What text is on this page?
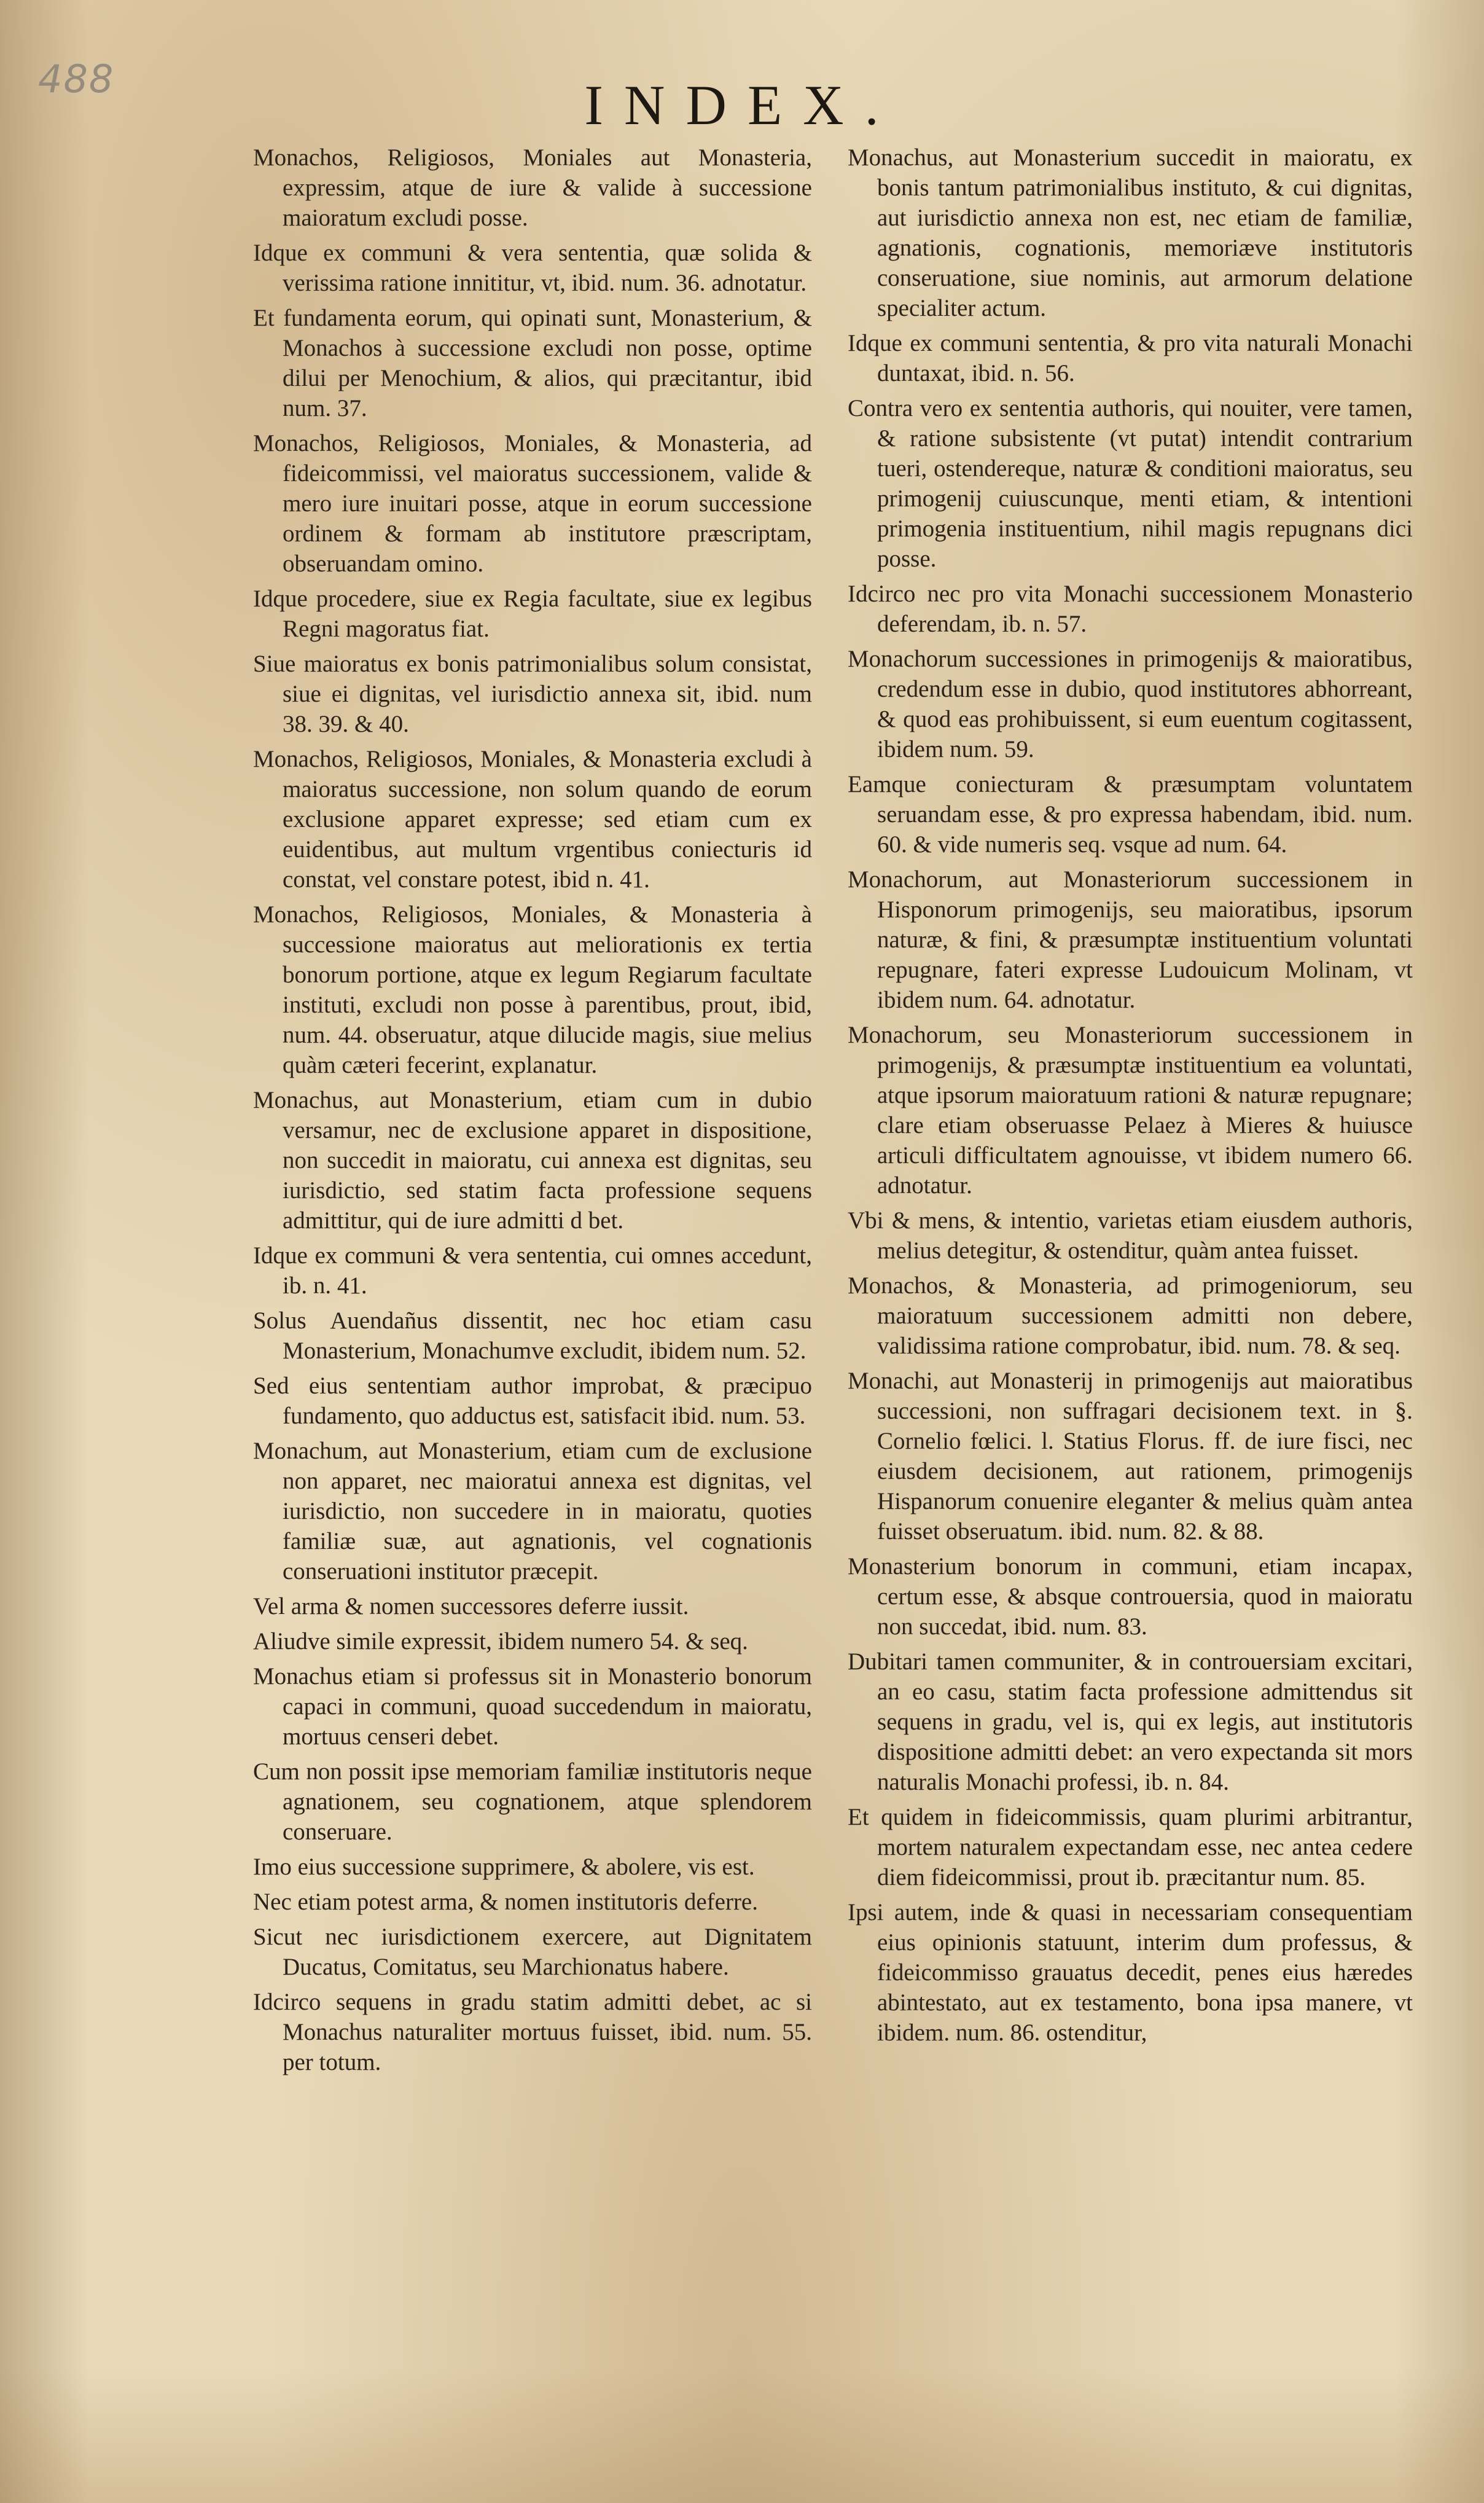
488	INDEX.

Monachos, Religiosos, Moniales aut Monasteria, expressim, atque de iure & valide à successione maioratum excludi posse.

Idque ex communi & vera sententia, quæ solida & verissima ratione innititur, vt, ibid. num. 36. adnotatur.

Et fundamenta eorum, qui opinati sunt, Monasterium, & Monachos à successione excludi non posse, optime dilui per Menochium, & alios, qui præcitantur, ibid num. 37.

Monachos, Religiosos, Moniales, & Monasteria, ad fideicommissi, vel maioratus successionem, valide & mero iure inuitari posse, atque in eorum successione ordinem & formam ab institutore præscriptam, obseruandam omino.

Idque procedere, siue ex Regia facultate, siue ex legibus Regni magoratus fiat.

Siue maioratus ex bonis patrimonialibus solum consistat, siue ei dignitas, vel iurisdictio annexa sit, ibid. num 38. 39. & 40.

Monachos, Religiosos, Moniales, & Monasteria excludi à maioratus successione, non solum quando de eorum exclusione apparet expresse; sed etiam cum ex euidentibus, aut multum vrgentibus coniecturis id constat, vel constare potest, ibid n. 41.

Monachos, Religiosos, Moniales, & Monasteria à successione maioratus aut meliorationis ex tertia bonorum portione, atque ex legum Regiarum facultate instituti, excludi non posse à parentibus, prout, ibid, num. 44. obseruatur, atque dilucide magis, siue melius quàm cæteri fecerint, explanatur.

Monachus, aut Monasterium, etiam cum in dubio versamur, nec de exclusione apparet in dispositione, non succedit in maioratu, cui annexa est dignitas, seu iurisdictio, sed statim facta professione sequens admittitur, qui de iure admitti d bet.

Idque ex communi & vera sententia, cui omnes accedunt, ib. n. 41.

Solus Auendañus dissentit, nec hoc etiam casu Monasterium, Monachumve excludit, ibidem num. 52.

Sed eius sententiam author improbat, & præcipuo fundamento, quo adductus est, satisfacit ibid. num. 53.

Monachum, aut Monasterium, etiam cum de exclusione non apparet, nec maioratui annexa est dignitas, vel iurisdictio, non succedere in in maioratu, quoties familiæ suæ, aut agnationis, vel cognationis conseruationi institutor præcepit.

Vel arma & nomen successores deferre iussit.

Aliudve simile expressit, ibidem numero 54. & seq.

Monachus etiam si professus sit in Monasterio bonorum capaci in communi, quoad succedendum in maioratu, mortuus censeri debet.

Cum non possit ipse memoriam familiæ institutoris neque agnationem, seu cognationem, atque splendorem conseruare.

Imo eius successione supprimere, & abolere, vis est.

Nec etiam potest arma, & nomen institutoris deferre.

Sicut nec iurisdictionem exercere, aut Dignitatem Ducatus, Comitatus, seu Marchionatus habere.

Idcirco sequens in gradu statim admitti debet, ac si Monachus naturaliter mortuus fuisset, ibid. num. 55. per totum.

Monachus, aut Monasterium succedit in maioratu, ex bonis tantum patrimonialibus instituto, & cui dignitas, aut iurisdictio annexa non est, nec etiam de familiæ, agnationis, cognationis, memoriæve institutoris conseruatione, siue nominis, aut armorum delatione specialiter actum.

Idque ex communi sententia, & pro vita naturali Monachi duntaxat, ibid. n. 56.

Contra vero ex sententia authoris, qui nouiter, vere tamen, & ratione subsistente (vt putat) intendit contrarium tueri, ostendereque, naturæ & conditioni maioratus, seu primogenij cuiuscunque, menti etiam, & intentioni primogenia instituentium, nihil magis repugnans dici posse.

Idcirco nec pro vita Monachi successionem Monasterio deferendam, ib. n. 57.

Monachorum successiones in primogenijs & maioratibus, credendum esse in dubio, quod institutores abhorreant, & quod eas prohibuissent, si eum euentum cogitassent, ibidem num. 59.

Eamque coniecturam & præsumptam voluntatem seruandam esse, & pro expressa habendam, ibid. num. 60. & vide numeris seq. vsque ad num. 64.

Monachorum, aut Monasteriorum successionem in Hisponorum primogenijs, seu maioratibus, ipsorum naturæ, & fini, & præsumptæ instituentium voluntati repugnare, fateri expresse Ludouicum Molinam, vt ibidem num. 64. adnotatur.

Monachorum, seu Monasteriorum successionem in primogenijs, & præsumptæ instituentium ea voluntati, atque ipsorum maioratuum rationi & naturæ repugnare; clare etiam obseruasse Pelaez à Mieres & huiusce articuli difficultatem agnouisse, vt ibidem numero 66. adnotatur.

Vbi & mens, & intentio, varietas etiam eiusdem authoris, melius detegitur, & ostenditur, quàm antea fuisset.

Monachos, & Monasteria, ad primogeniorum, seu maioratuum successionem admitti non debere, validissima ratione comprobatur, ibid. num. 78. & seq.

Monachi, aut Monasterij in primogenijs aut maioratibus successioni, non suffragari decisionem text. in §. Cornelio fœlici. l. Statius Florus. ff. de iure fisci, nec eiusdem decisionem, aut rationem, primogenijs Hispanorum conuenire eleganter & melius quàm antea fuisset obseruatum. ibid. num. 82. & 88.

Monasterium bonorum in communi, etiam incapax, certum esse, & absque controuersia, quod in maioratu non succedat, ibid. num. 83.

Dubitari tamen communiter, & in controuersiam excitari, an eo casu, statim facta professione admittendus sit sequens in gradu, vel is, qui ex legis, aut institutoris dispositione admitti debet: an vero expectanda sit mors naturalis Monachi professi, ib. n. 84.

Et quidem in fideicommissis, quam plurimi arbitrantur, mortem naturalem expectandam esse, nec antea cedere diem fideicommissi, prout ib. præcitantur num. 85.

Ipsi autem, inde & quasi in necessariam consequentiam eius opinionis statuunt, interim dum professus, & fideicommisso grauatus decedit, penes eius hæredes abintestato, aut ex testamento, bona ipsa manere, vt ibidem. num. 86. ostenditur,
